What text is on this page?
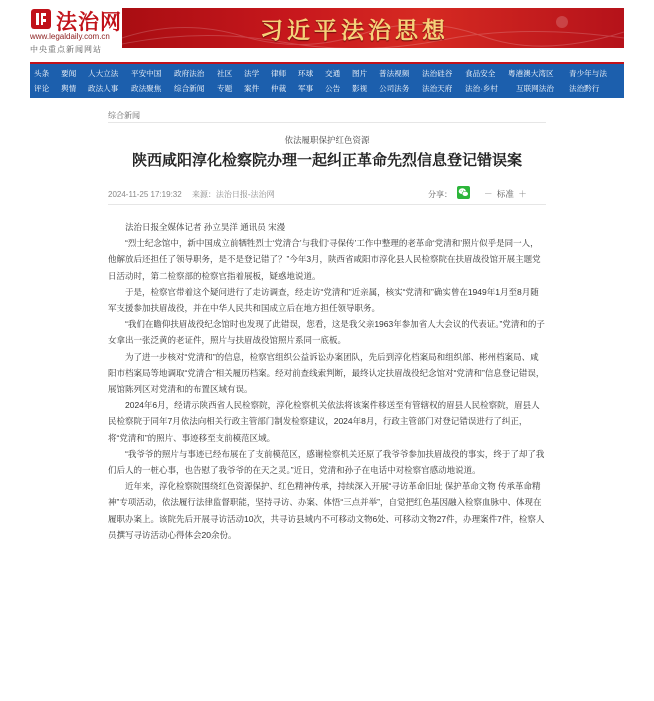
法治网
www.legaldaily.com.cn
中央重点新闻网站
习近平法治思想
头条 要闻 人大立法 平安中国 政府法治 社区 法学 律师 环球 交通 图片 普法视频 法治硅谷 食品安全 粤港澳大湾区 青少年与法
评论 舆情 政法人事 政法聚焦 综合新闻 专题 案件 仲裁 军事 公告 影视 公司法务 法治天府 法治·乡村 互联网法治 法治黔行
综合新闻
依法履职保护红色资源
陕西咸阳淳化检察院办理一起纠正革命先烈信息登记错误案
2024-11-25 17:19:32 来源：法治日报-法治网	分享：	－ 标准 ＋

法治日报全媒体记者 孙立昊洋 通讯员 宋漫

“烈士纪念馆中，新中国成立前牺牲烈士‘党清合’与我们‘寻保传’工作中整理的老革命‘党清和’照片似乎是同一人，他解放后还担任了领导职务，是不是登记错了？”今年3月，陕西省咸阳市淳化县人民检察院在扶眉战役馆开展主题党日活动时，第二检察部的检察官指着展板，疑惑地说道。

于是，检察官带着这个疑问进行了走访调查，经走访“党清和”近亲属，核实“党清和”确实曾在1949年1月至8月随军支援参加扶眉战役，并在中华人民共和国成立后在地方担任领导职务。

“我们在瞻仰扶眉战役纪念馆时也发现了此错误，您看，这是我父亲1963年参加省人大会议的代表证。”党清和的子女拿出一张泛黄的老证件，照片与扶眉战役馆照片系同一底板。

为了进一步核对“党清和”的信息，检察官组织公益诉讼办案团队，先后到淳化档案局和组织部、彬州档案局、咸阳市档案局等地调取“党清合”相关履历档案。经对前查线索判断，最终认定扶眉战役纪念馆对“党清和”信息登记错误，展馆陈列区对党清和的布置区域有误。

2024年6月，经请示陕西省人民检察院，淳化检察机关依法将该案件移送至有管辖权的眉县人民检察院，眉县人民检察院于同年7月依法向相关行政主管部门制发检察建议，2024年8月，行政主管部门对登记错误进行了纠正，将“党清和”的照片、事迹移至支前模范区域。

“我爷爷的照片与事迹已经布展在了支前模范区，感谢检察机关还原了我爷爷参加扶眉战役的事实，终于了却了我们后人的一桩心事，也告慰了我爷爷的在天之灵。”近日，党清和孙子在电话中对检察官感动地说道。

近年来，淳化检察院围绕红色资源保护、红色精神传承，持续深入开展“寻访革命旧址 保护革命文物 传承革命精神”专项活动，依法履行法律监督职能，坚持寻访、办案、体悟“三点并举”，自觉把红色基因融入检察血脉中、体现在履职办案上。该院先后开展寻访活动10次，共寻访县域内不可移动文物6处、可移动文物27件，办理案件7件，检察人员撰写寻访活动心得体会20余份。
